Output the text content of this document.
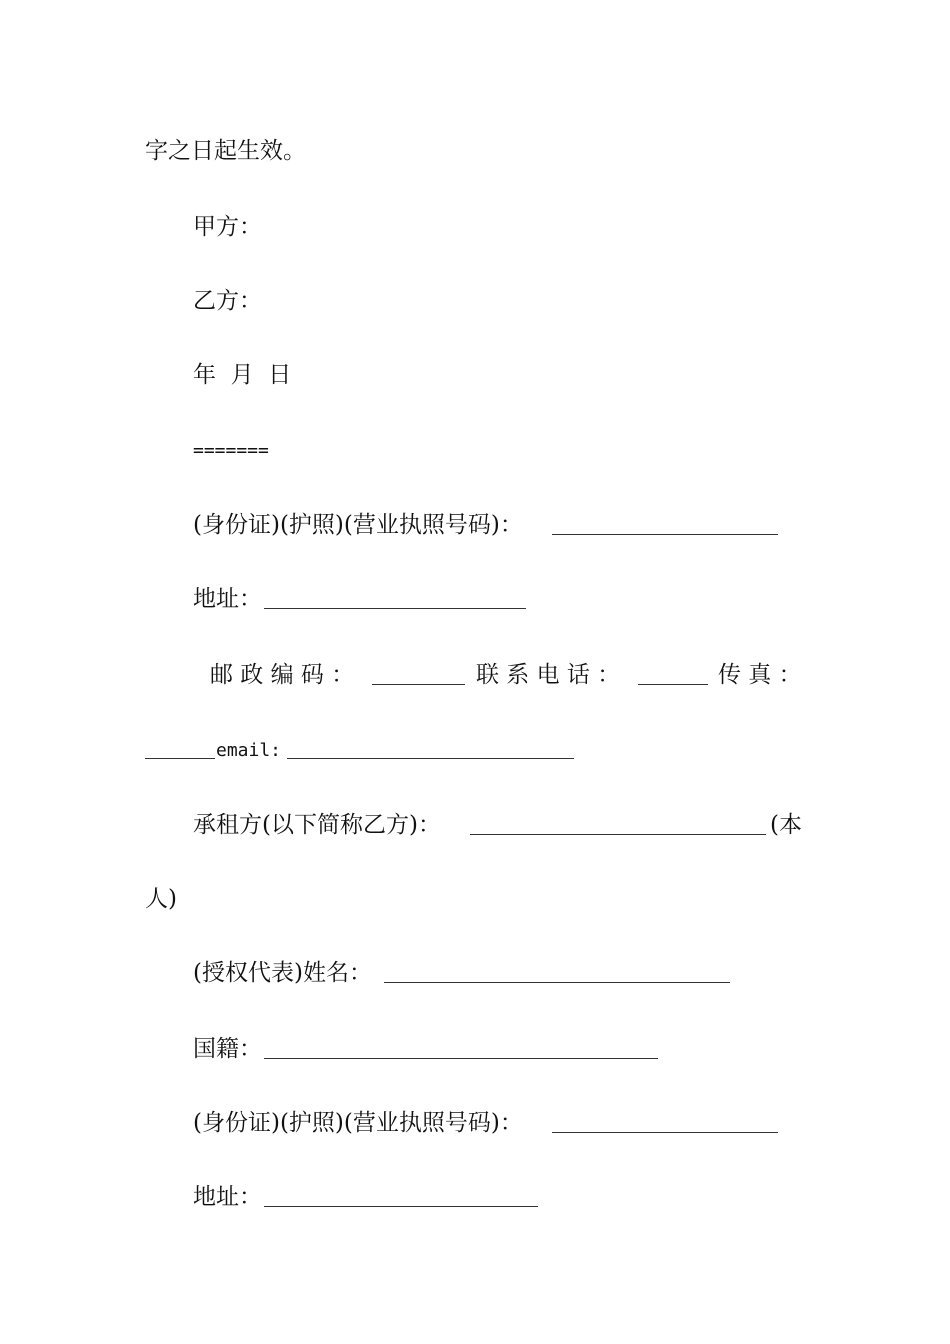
字之日起生效。

甲方：

乙方：

年  月  日

=======

(身份证)(护照)(营业执照号码)：

地址：

邮 政 编 码 ：

	联 系 电 话 ：

	传 真 ：

email:

承租方(以下简称乙方)：

	(本

人)

(授权代表)姓名：

国籍：

(身份证)(护照)(营业执照号码)：

地址：
